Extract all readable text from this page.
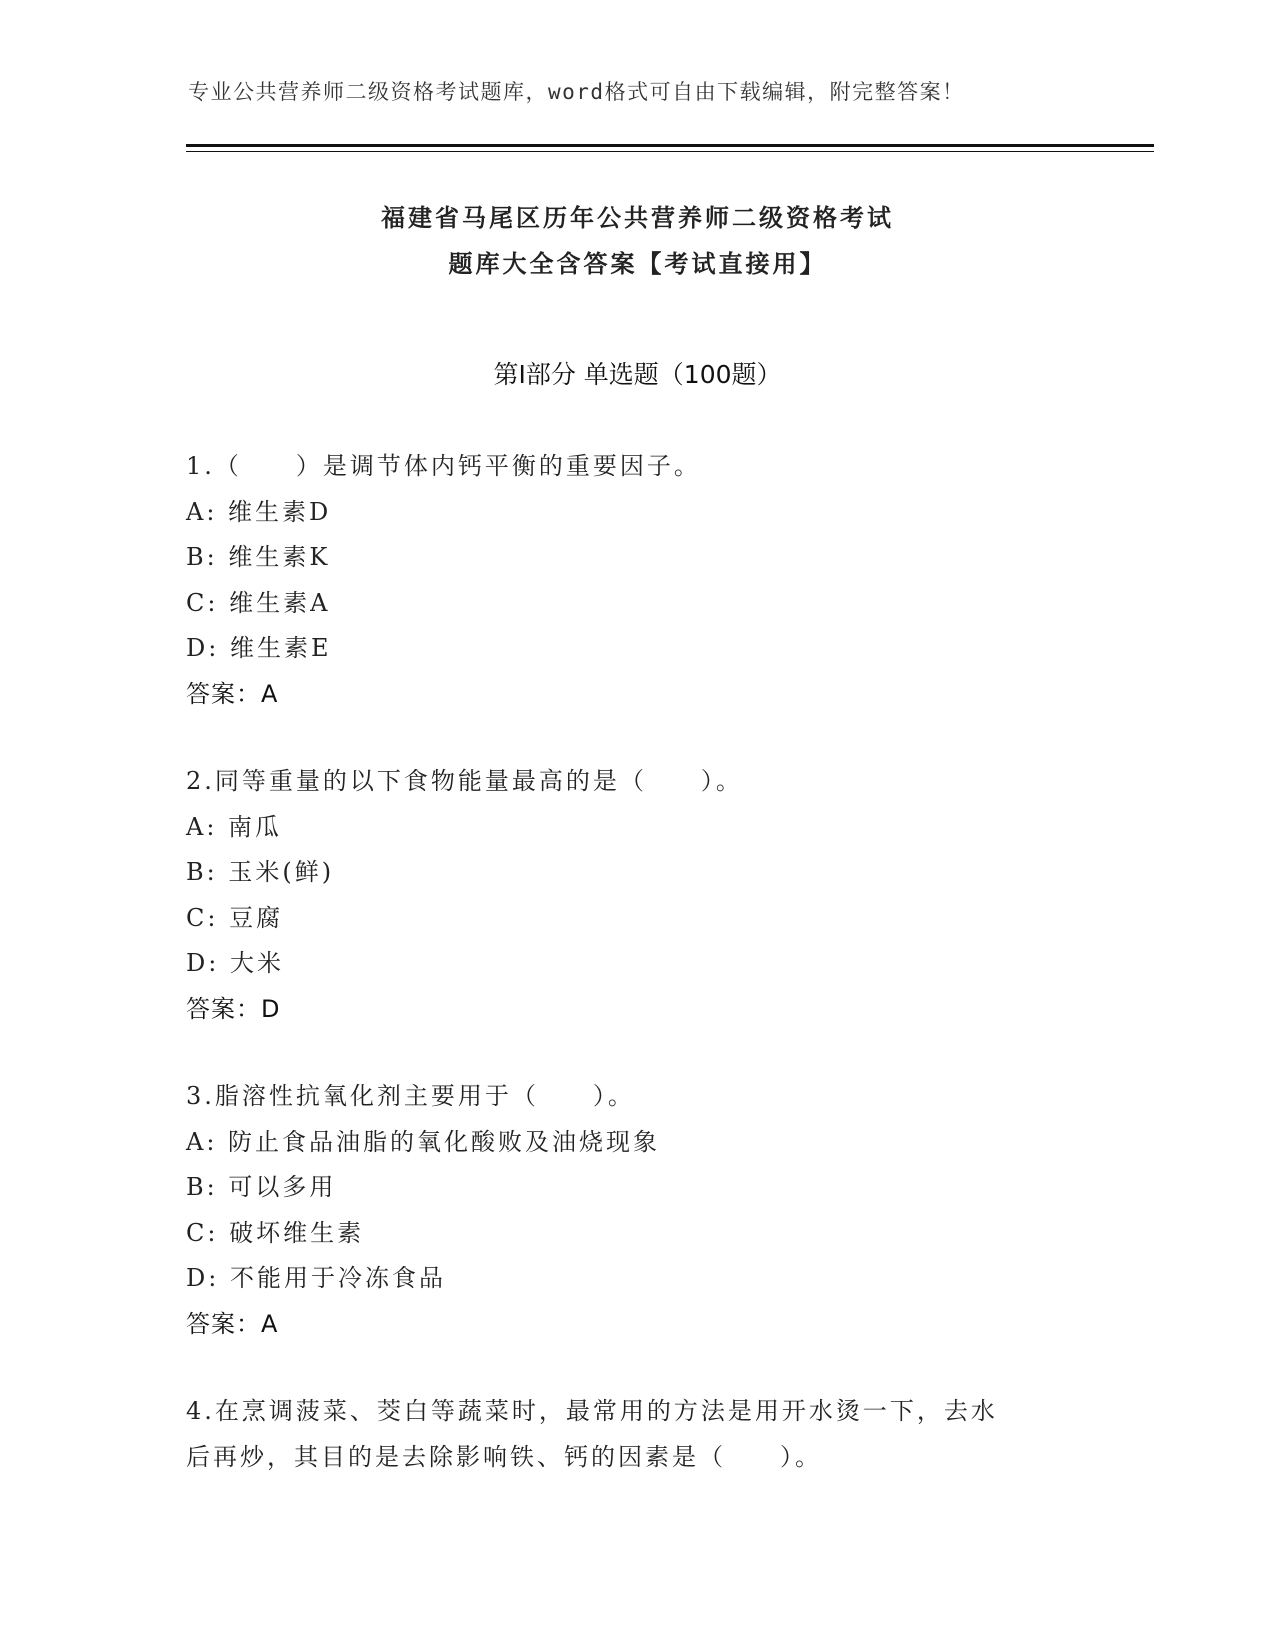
专业公共营养师二级资格考试题库，word格式可自由下载编辑，附完整答案！
福建省马尾区历年公共营养师二级资格考试
题库大全含答案【考试直接用】
第Ⅰ部分 单选题（100题）
1.（　　）是调节体内钙平衡的重要因子。
A: 维生素D
B: 维生素K
C: 维生素A
D: 维生素E
答案：A
2.同等重量的以下食物能量最高的是（　　）。
A: 南瓜
B: 玉米(鲜)
C: 豆腐
D: 大米
答案：D
3.脂溶性抗氧化剂主要用于（　　）。
A: 防止食品油脂的氧化酸败及油烧现象
B: 可以多用
C: 破坏维生素
D: 不能用于冷冻食品
答案：A
4.在烹调菠菜、茭白等蔬菜时，最常用的方法是用开水烫一下，去水
后再炒，其目的是去除影响铁、钙的因素是（　　）。
